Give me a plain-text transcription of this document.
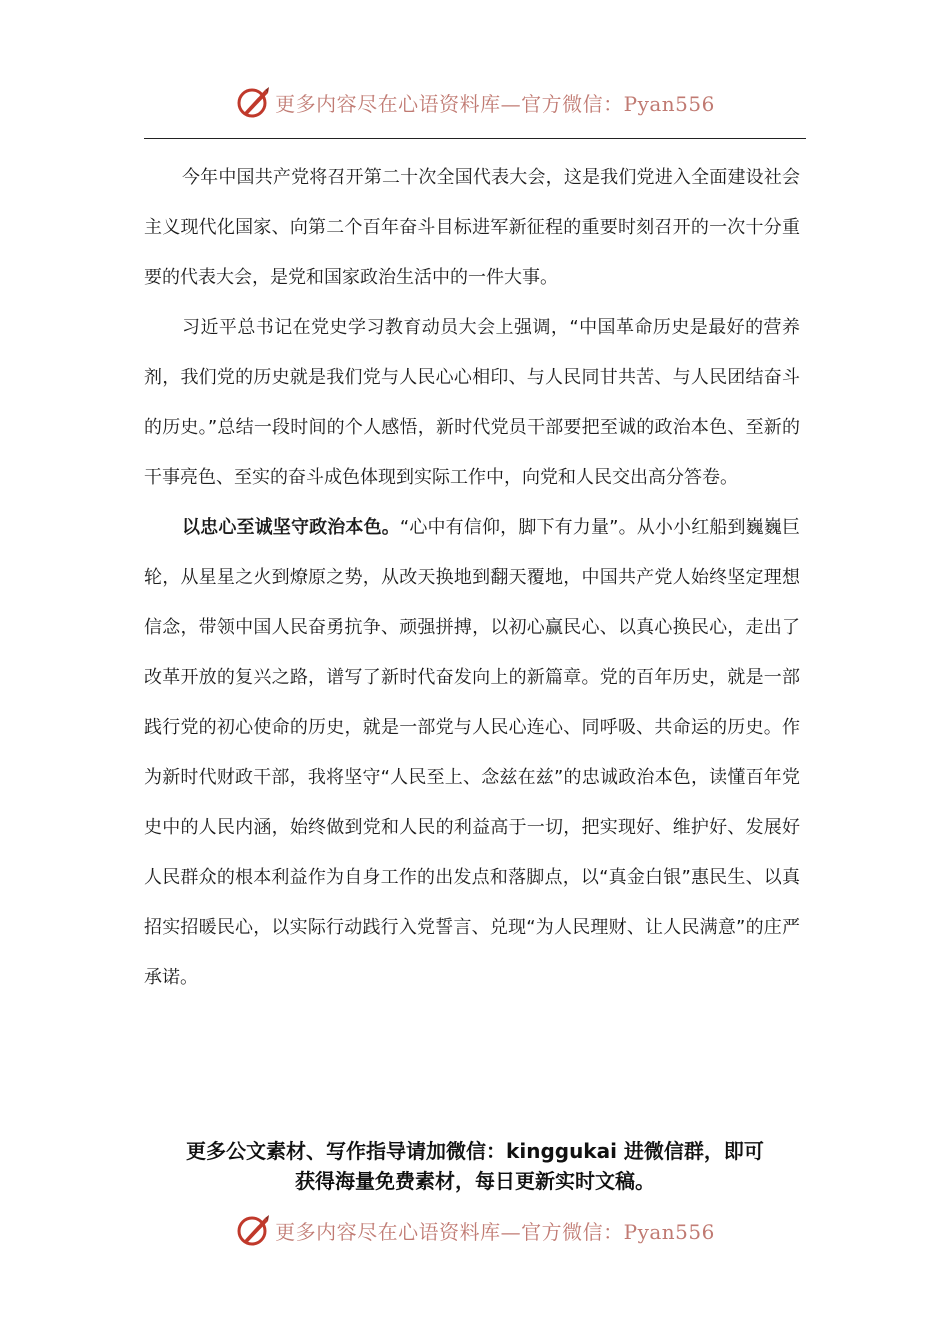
更多内容尽在心语资料库—官方微信：Pyan556

今年中国共产党将召开第二十次全国代表大会，这是我们党进入全面建设社会主义现代化国家、向第二个百年奋斗目标进军新征程的重要时刻召开的一次十分重要的代表大会，是党和国家政治生活中的一件大事。

习近平总书记在党史学习教育动员大会上强调，“中国革命历史是最好的营养剂，我们党的历史就是我们党与人民心心相印、与人民同甘共苦、与人民团结奋斗的历史。”总结一段时间的个人感悟，新时代党员干部要把至诚的政治本色、至新的干事亮色、至实的奋斗成色体现到实际工作中，向党和人民交出高分答卷。

以忠心至诚坚守政治本色。“心中有信仰，脚下有力量”。从小小红船到巍巍巨轮，从星星之火到燎原之势，从改天换地到翻天覆地，中国共产党人始终坚定理想信念，带领中国人民奋勇抗争、顽强拼搏，以初心赢民心、以真心换民心，走出了改革开放的复兴之路，谱写了新时代奋发向上的新篇章。党的百年历史，就是一部践行党的初心使命的历史，就是一部党与人民心连心、同呼吸、共命运的历史。作为新时代财政干部，我将坚守“人民至上、念兹在兹”的忠诚政治本色，读懂百年党史中的人民内涵，始终做到党和人民的利益高于一切，把实现好、维护好、发展好人民群众的根本利益作为自身工作的出发点和落脚点，以“真金白银”惠民生、以真招实招暖民心，以实际行动践行入党誓言、兑现“为人民理财、让人民满意”的庄严承诺。

更多公文素材、写作指导请加微信：kinggukai 进微信群，即可
获得海量免费素材，每日更新实时文稿。
更多内容尽在心语资料库—官方微信：Pyan556
